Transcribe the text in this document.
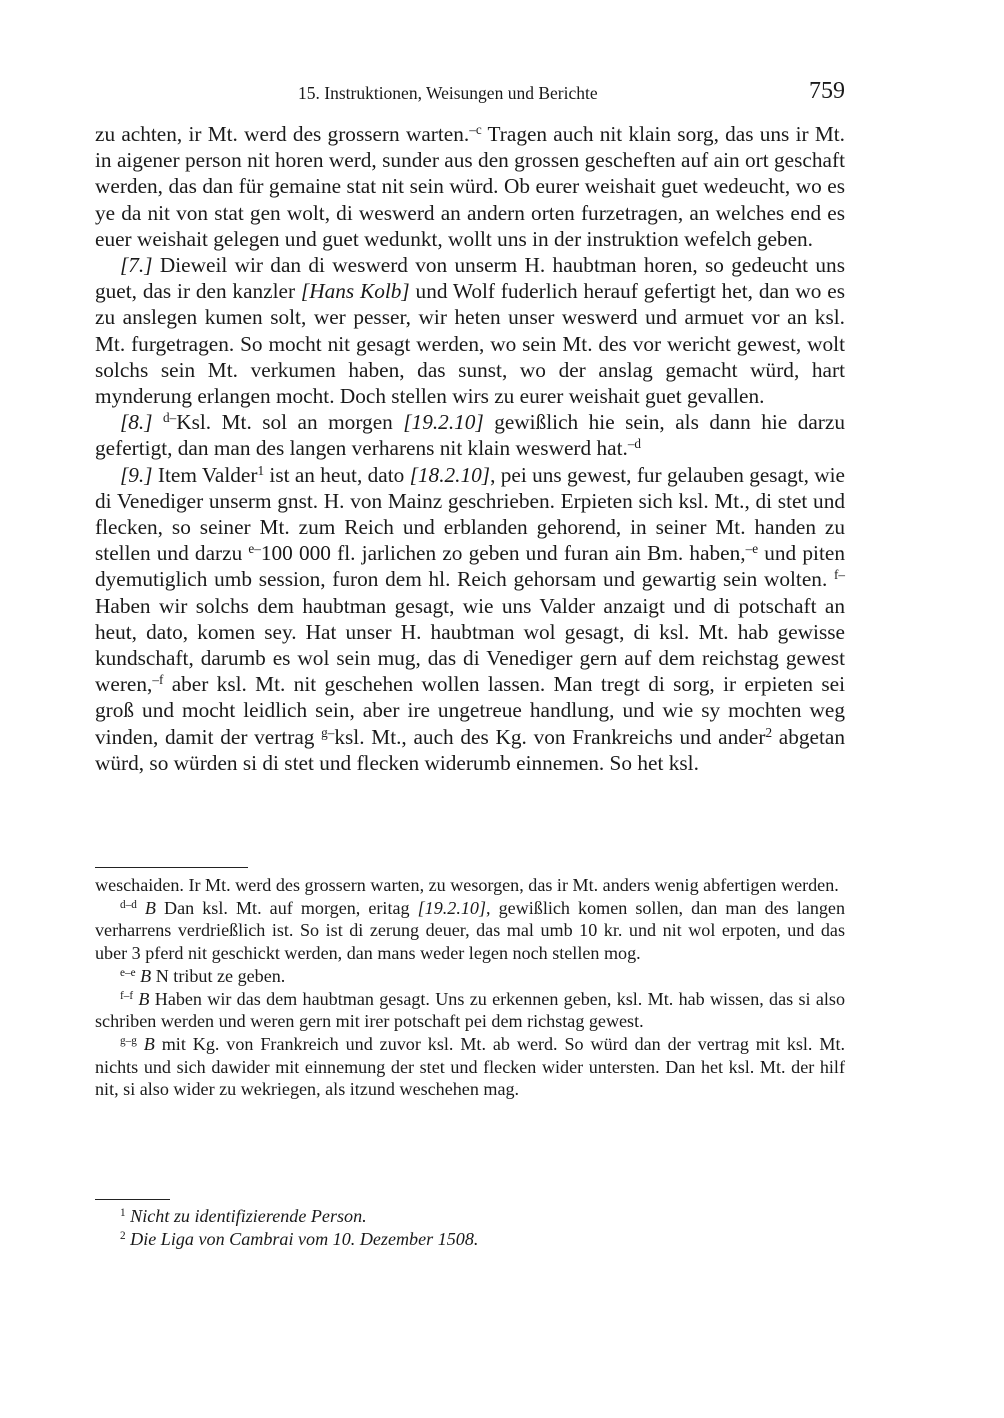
15. Instruktionen, Weisungen und Berichte	759

zu achten, ir Mt. werd des grossern warten.$^{-c}$ Tragen auch nit klain sorg, das uns ir Mt. in aigener person nit horen werd, sunder aus den grossen gescheften auf ain ort geschaft werden, das dan für gemaine stat nit sein würd. Ob eurer weishait guet wedeucht, wo es ye da nit von stat gen wolt, di weswerd an andern orten furzetragen, an welches end es euer weishait gelegen und guet wedunkt, wollt uns in der instruktion wefelch geben.

[7.] Dieweil wir dan di weswerd von unserm H. haubtman horen, so gedeucht uns guet, das ir den kanzler [Hans Kolb] und Wolf fuderlich herauf gefertigt het, dan wo es zu anslegen kumen solt, wer pesser, wir heten unser weswerd und armuet vor an ksl. Mt. furgetragen. So mocht nit gesagt werden, wo sein Mt. des vor wericht gewest, wolt solchs sein Mt. verkumen haben, das sunst, wo der anslag gemacht würd, hart mynderung erlangen mocht. Doch stellen wirs zu eurer weishait guet gevallen.

[8.] $^{d-}$Ksl. Mt. sol an morgen [19.2.10] gewißlich hie sein, als dann hie darzu gefertigt, dan man des langen verharens nit klain weswerd hat.$^{-d}$

[9.] Item Valder$^1$ ist an heut, dato [18.2.10], pei uns gewest, fur gelauben gesagt, wie di Venediger unserm gnst. H. von Mainz geschrieben. Erpieten sich ksl. Mt., di stet und flecken, so seiner Mt. zum Reich und erblanden gehorend, in seiner Mt. handen zu stellen und darzu $^{e-}$100 000 fl. jarlichen zo geben und furan ain Bm. haben,$^{-e}$ und piten dyemutiglich umb session, furon dem hl. Reich gehorsam und gewartig sein wolten. $^{f-}$Haben wir solchs dem haubtman gesagt, wie uns Valder anzaigt und di potschaft an heut, dato, komen sey. Hat unser H. haubtman wol gesagt, di ksl. Mt. hab gewisse kundschaft, darumb es wol sein mug, das di Venediger gern auf dem reichstag gewest weren,$^{-f}$ aber ksl. Mt. nit geschehen wollen lassen. Man tregt di sorg, ir erpieten sei groß und mocht leidlich sein, aber ire ungetreue handlung, und wie sy mochten weg vinden, damit der vertrag $^{g-}$ksl. Mt., auch des Kg. von Frankreichs und ander$^2$ abgetan würd, so würden si di stet und flecken widerumb einnemen. So het ksl.

weschaiden. Ir Mt. werd des grossern warten, zu wesorgen, das ir Mt. anders wenig abfertigen werden.

$^{d-d}$ B Dan ksl. Mt. auf morgen, eritag [19.2.10], gewißlich komen sollen, dan man des langen verharrens verdrießlich ist. So ist di zerung deuer, das mal umb 10 kr. und nit wol erpoten, und das uber 3 pferd nit geschickt werden, dan mans weder legen noch stellen mog.

$^{e-e}$ B N tribut ze geben.

$^{f-f}$ B Haben wir das dem haubtman gesagt. Uns zu erkennen geben, ksl. Mt. hab wissen, das si also schriben werden und weren gern mit irer potschaft pei dem richstag gewest.

$^{g-g}$ B mit Kg. von Frankreich und zuvor ksl. Mt. ab werd. So würd dan der vertrag mit ksl. Mt. nichts und sich dawider mit einnemung der stet und flecken wider untersten. Dan het ksl. Mt. der hilf nit, si also wider zu wekriegen, als itzund weschehen mag.

$^1$ Nicht zu identifizierende Person.

$^2$ Die Liga von Cambrai vom 10. Dezember 1508.
